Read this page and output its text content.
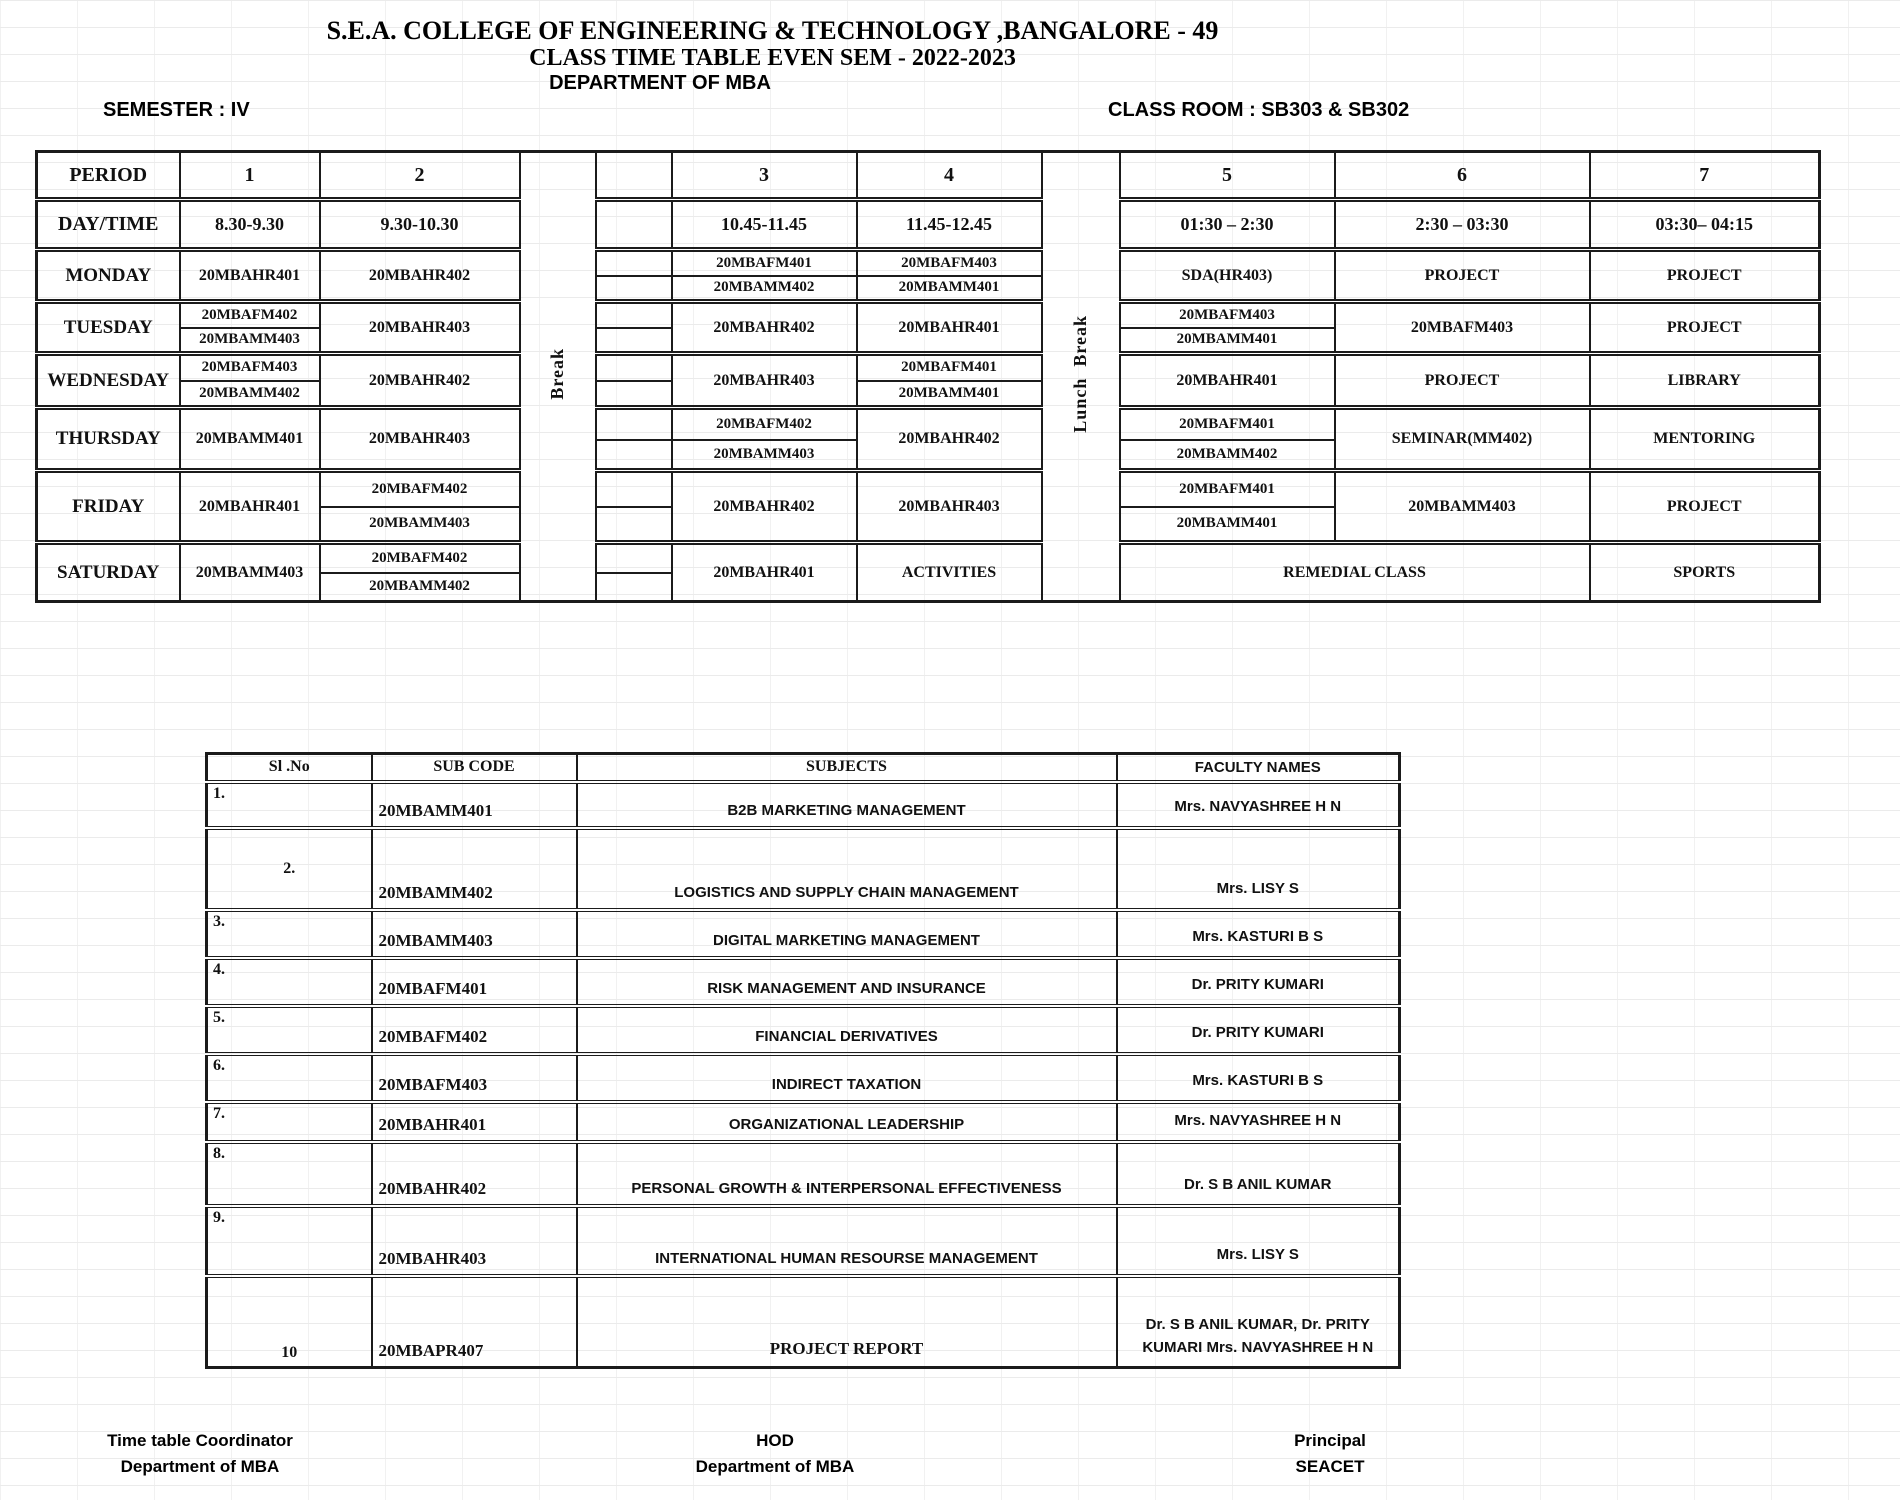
S.E.A. COLLEGE OF ENGINEERING & TECHNOLOGY ,BANGALORE - 49
CLASS TIME TABLE EVEN SEM - 2022-2023
DEPARTMENT OF MBA
SEMESTER : IV	CLASS ROOM : SB303 & SB302
PERIOD	1	2	Break		3	4	Lunch  Break	5	6	7
DAY/TIME	8.30-9.30	9.30-10.30			10.45-11.45	11.45-12.45		01:30 – 2:30	2:30 – 03:30	03:30– 04:15
MONDAY	20MBAHR401	20MBAHR402			20MBAFM401	20MBAFM403		SDA(HR403)	PROJECT	PROJECT
					20MBAMM402	20MBAMM401				
TUESDAY	20MBAFM402	20MBAHR403			20MBAHR402	20MBAHR401		20MBAFM403	20MBAFM403	PROJECT
	20MBAMM403							20MBAMM401		
WEDNESDAY	20MBAFM403	20MBAHR402			20MBAHR403	20MBAFM401		20MBAHR401	PROJECT	LIBRARY
	20MBAMM402					20MBAMM401				
THURSDAY	20MBAMM401	20MBAHR403			20MBAFM402	20MBAHR402		20MBAFM401	SEMINAR(MM402)	MENTORING
					20MBAMM403			20MBAMM402		
FRIDAY	20MBAHR401	20MBAFM402			20MBAHR402	20MBAHR403		20MBAFM401	20MBAMM403	PROJECT
		20MBAMM403						20MBAMM401		
SATURDAY	20MBAMM403	20MBAFM402			20MBAHR401	ACTIVITIES		REMEDIAL CLASS		SPORTS
		20MBAMM402								
Sl .No	SUB CODE	SUBJECTS	FACULTY NAMES
1.	20MBAMM401	B2B MARKETING MANAGEMENT	Mrs. NAVYASHREE H N
2.	20MBAMM402	LOGISTICS AND SUPPLY CHAIN MANAGEMENT	Mrs. LISY S
3.	20MBAMM403	DIGITAL MARKETING MANAGEMENT	Mrs. KASTURI B S
4.	20MBAFM401	RISK MANAGEMENT AND INSURANCE	Dr. PRITY KUMARI
5.	20MBAFM402	FINANCIAL DERIVATIVES	Dr. PRITY KUMARI
6.	20MBAFM403	INDIRECT TAXATION	Mrs. KASTURI B S
7.	20MBAHR401	ORGANIZATIONAL LEADERSHIP	Mrs. NAVYASHREE H N
8.	20MBAHR402	PERSONAL GROWTH & INTERPERSONAL EFFECTIVENESS	Dr. S B ANIL KUMAR
9.	20MBAHR403	INTERNATIONAL HUMAN RESOURSE MANAGEMENT	Mrs. LISY S
10	20MBAPR407	PROJECT REPORT	Dr. S B ANIL KUMAR, Dr. PRITY KUMARI Mrs. NAVYASHREE H N
Time table Coordinator
Department of MBA
HOD
Department of MBA
Principal
SEACET
